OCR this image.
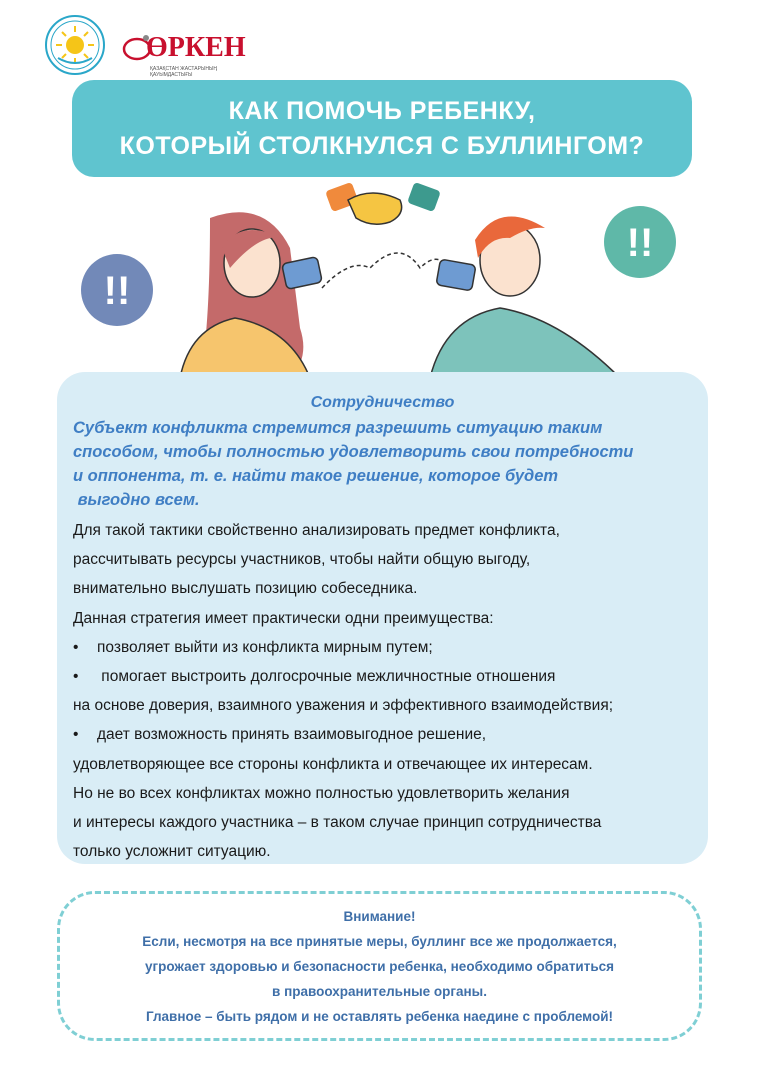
ӨРКЕН
ҚАЗАҚСТАН ЖАСТАРЫНЫҢ ҚАУЫМДАСТЫҒЫ
КАК ПОМОЧЬ РЕБЕНКУ,
КОТОРЫЙ СТОЛКНУЛСЯ С БУЛЛИНГОМ?
!!
!!
Сотрудничество
Субъект конфликта стремится разрешить ситуацию таким
способом, чтобы полностью удовлетворить свои потребности
и оппонента, т. е. найти такое решение, которое будет
выгодно всем.
Для такой тактики свойственно анализировать предмет конфликта,
рассчитывать ресурсы участников, чтобы найти общую выгоду,
внимательно выслушать позицию собеседника.
Данная стратегия имеет практически одни преимущества:
• позволяет выйти из конфликта мирным путем;
• помогает выстроить долгосрочные межличностные отношения
на основе доверия, взаимного уважения и эффективного взаимодействия;
• дает возможность принять взаимовыгодное решение,
удовлетворяющее все стороны конфликта и отвечающее их интересам.
Но не во всех конфликтах можно полностью удовлетворить желания
и интересы каждого участника – в таком случае принцип сотрудничества
только усложнит ситуацию.
Внимание!
Если, несмотря на все принятые меры, буллинг все же продолжается,
угрожает здоровью и безопасности ребенка, необходимо обратиться
в правоохранительные органы.
Главное – быть рядом и не оставлять ребенка наедине с проблемой!
